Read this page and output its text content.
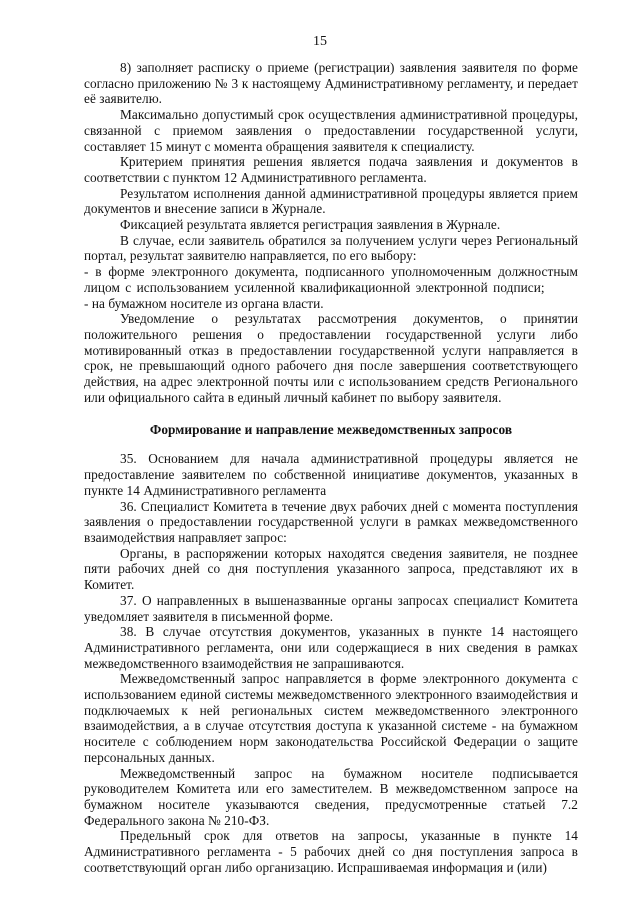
15

8) заполняет расписку о приеме (регистрации) заявления заявителя по форме согласно приложению № 3 к настоящему Административному регламенту, и передает её заявителю.

Максимально допустимый срок осуществления административной процедуры, связанной с приемом заявления о предоставлении государственной услуги, составляет 15 минут с момента обращения заявителя к специалисту.

Критерием принятия решения является подача заявления и документов в соответствии с пунктом 12 Административного регламента.

Результатом исполнения данной административной процедуры является прием документов и внесение записи в Журнале.

Фиксацией результата является регистрация заявления в Журнале.

В случае, если заявитель обратился за получением услуги через Региональный портал, результат заявителю направляется, по его выбору:

- в форме электронного документа, подписанного уполномоченным должностным лицом с использованием усиленной квалификационной электронной подписи;

- на бумажном носителе из органа власти.

Уведомление о результатах рассмотрения документов, о принятии положительного решения о предоставлении государственной услуги либо мотивированный отказ в предоставлении государственной услуги направляется в срок, не превышающий одного рабочего дня после завершения соответствующего действия, на адрес электронной почты или с использованием средств Регионального или официального сайта в единый личный кабинет по выбору заявителя.

Формирование и направление межведомственных запросов

35. Основанием для начала административной процедуры является не предоставление заявителем по собственной инициативе документов, указанных в пункте 14 Административного регламента

36. Специалист Комитета в течение двух рабочих дней с момента поступления заявления о предоставлении государственной услуги в рамках межведомственного взаимодействия направляет запрос:

Органы, в распоряжении которых находятся сведения заявителя, не позднее пяти рабочих дней со дня поступления указанного запроса, представляют их в Комитет.

37. О направленных в вышеназванные органы запросах специалист Комитета уведомляет заявителя в письменной форме.

38. В случае отсутствия документов, указанных в пункте 14 настоящего Административного регламента, они или содержащиеся в них сведения в рамках межведомственного взаимодействия не запрашиваются.

Межведомственный запрос направляется в форме электронного документа с использованием единой системы межведомственного электронного взаимодействия и подключаемых к ней региональных систем межведомственного электронного взаимодействия, а в случае отсутствия доступа к указанной системе - на бумажном носителе с соблюдением норм законодательства Российской Федерации о защите персональных данных.

Межведомственный запрос на бумажном носителе подписывается руководителем Комитета или его заместителем. В межведомственном запросе на бумажном носителе указываются сведения, предусмотренные статьей 7.2 Федерального закона № 210-ФЗ.

Предельный срок для ответов на запросы, указанные в пункте 14 Административного регламента - 5 рабочих дней со дня поступления запроса в соответствующий орган либо организацию. Испрашиваемая информация и (или)
